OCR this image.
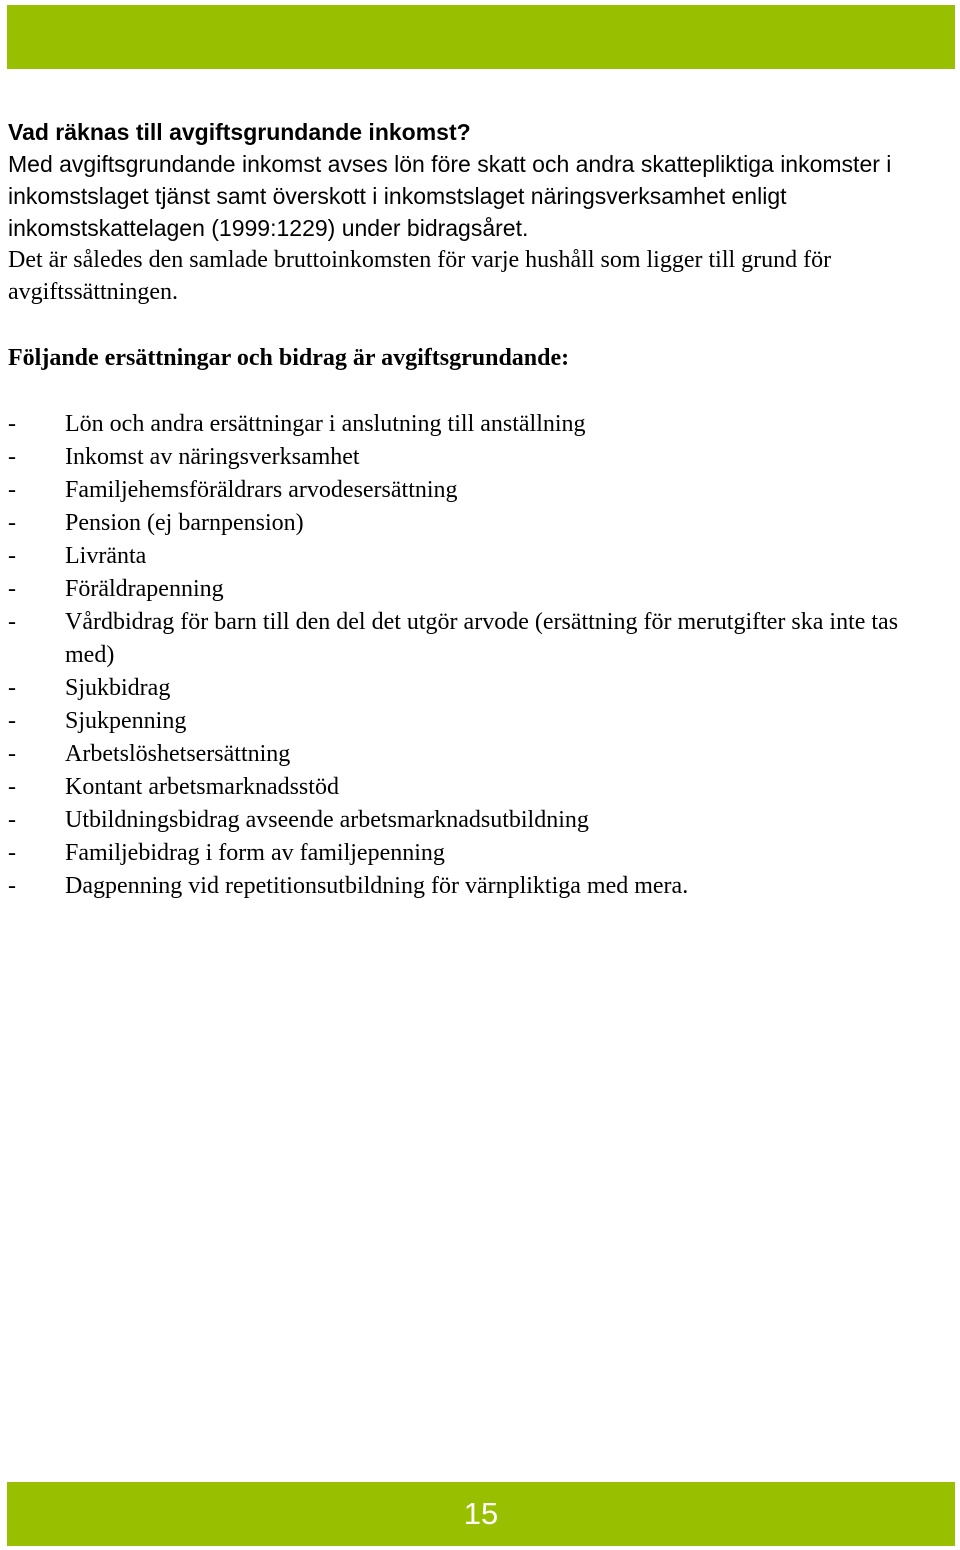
Vad räknas till avgiftsgrundande inkomst?

Med avgiftsgrundande inkomst avses lön före skatt och andra skattepliktiga inkomster i inkomstslaget tjänst samt överskott i inkomstslaget näringsverksamhet enligt inkomstskattelagen (1999:1229) under bidragsåret.

Det är således den samlade bruttoinkomsten för varje hushåll som ligger till grund för avgiftssättningen.

Följande ersättningar och bidrag är avgiftsgrundande:

-	Lön och andra ersättningar i anslutning till anställning
-	Inkomst av näringsverksamhet
-	Familjehemsföräldrars arvodesersättning
-	Pension (ej barnpension)
-	Livränta
-	Föräldrapenning
-	Vårdbidrag för barn till den del det utgör arvode (ersättning för merutgifter ska inte tas med)
-	Sjukbidrag
-	Sjukpenning
-	Arbetslöshetsersättning
-	Kontant arbetsmarknadsstöd
-	Utbildningsbidrag avseende arbetsmarknadsutbildning
-	Familjebidrag i form av familjepenning
-	Dagpenning vid repetitionsutbildning för värnpliktiga med mera.
15
